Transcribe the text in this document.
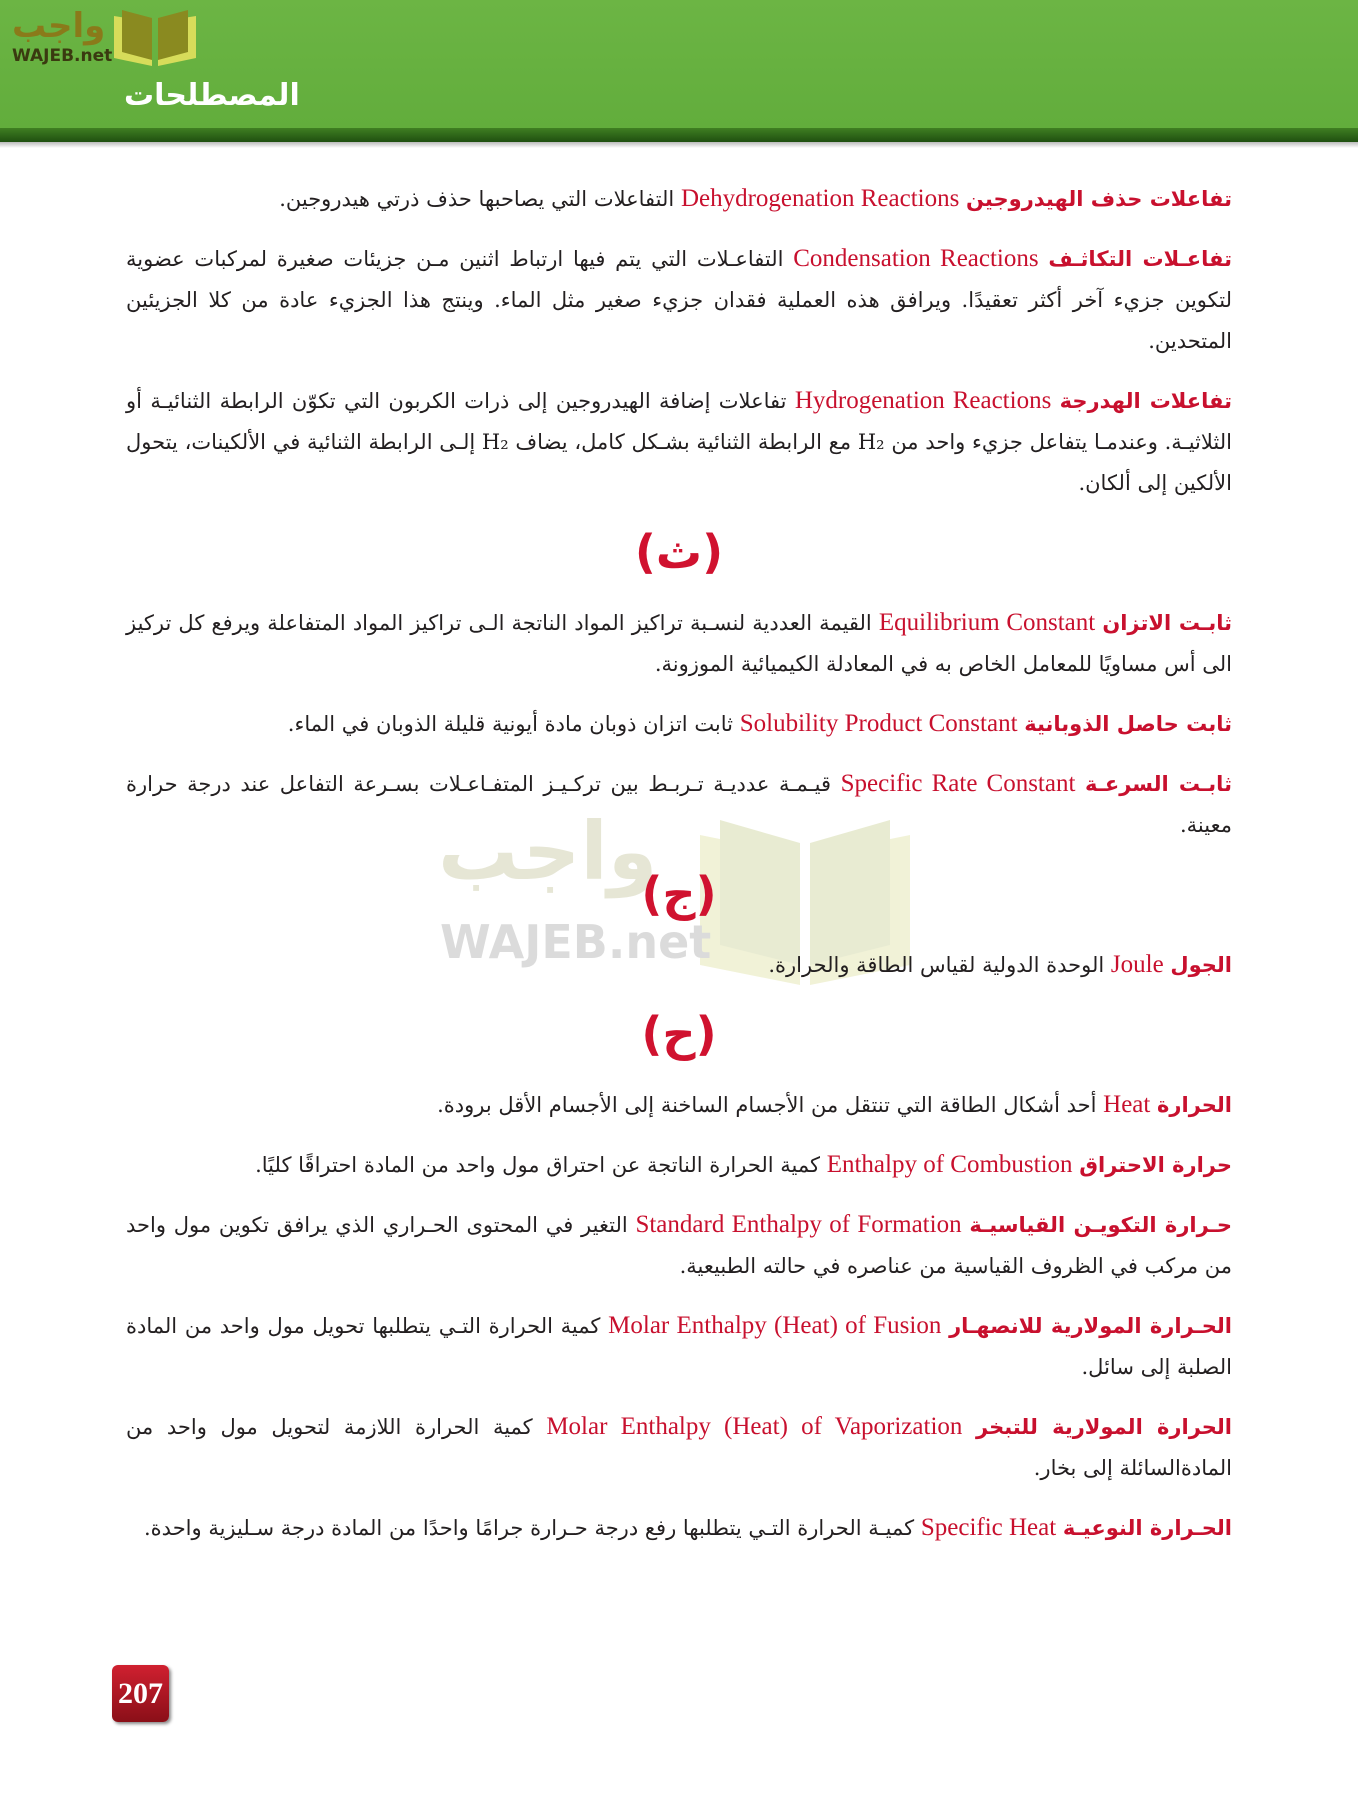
واجب
WAJEB.net
المصطلحات
واجب
WAJEB.net
تفاعلات حذف الهيدروجين Dehydrogenation Reactions التفاعلات التي يصاحبها حذف ذرتي هيدروجين.
تفاعـلات التكاثـف Condensation Reactions التفاعـلات التي يتم فيها ارتباط اثنين مـن جزيئات صغيرة لمركبات عضوية لتكوين جزيء آخر أكثر تعقيدًا. ويرافق هذه العملية فقدان جزيء صغير مثل الماء. وينتج هذا الجزيء عادة من كلا الجزيئين المتحدين.
تفاعلات الهدرجة Hydrogenation Reactions تفاعلات إضافة الهيدروجين إلى ذرات الكربون التي تكوّن الرابطة الثنائيـة أو الثلاثيـة. وعندمـا يتفاعل جزيء واحد من H₂ مع الرابطة الثنائية بشـكل كامل، يضاف H₂ إلـى الرابطة الثنائية في الألكينات، يتحول الألكين إلى ألكان.
(ث)
ثابـت الاتزان Equilibrium Constant القيمة العددية لنسـبة تراكيز المواد الناتجة الـى تراكيز المواد المتفاعلة ويرفع كل تركيز الى أس مساويًا للمعامل الخاص به في المعادلة الكيميائية الموزونة.
ثابت حاصل الذوبانية Solubility Product Constant ثابت اتزان ذوبان مادة أيونية قليلة الذوبان في الماء.
ثابـت السرعـة Specific Rate Constant قيـمـة عدديـة تـربـط بين تركـيـز المتفـاعـلات بسـرعة التفاعل عند درجة حرارة معينة.
(ج)
الجول Joule الوحدة الدولية لقياس الطاقة والحرارة.
(ح)
الحرارة Heat أحد أشكال الطاقة التي تنتقل من الأجسام الساخنة إلى الأجسام الأقل برودة.
حرارة الاحتراق Enthalpy of Combustion كمية الحرارة الناتجة عن احتراق مول واحد من المادة احتراقًا كليًا.
حـرارة التكويـن القياسيـة Standard Enthalpy of Formation التغير في المحتوى الحـراري الذي يرافق تكوين مول واحد من مركب في الظروف القياسية من عناصره في حالته الطبيعية.
الحـرارة المولارية للانصهـار Molar Enthalpy (Heat) of Fusion كمية الحرارة التـي يتطلبها تحويل مول واحد من المادة الصلبة إلى سائل.
الحرارة المولارية للتبخر Molar Enthalpy (Heat) of Vaporization كمية الحرارة اللازمة لتحويل مول واحد من المادةالسائلة إلى بخار.
الحـرارة النوعيـة Specific Heat كميـة الحرارة التـي يتطلبها رفع درجة حـرارة جرامًا واحدًا من المادة درجة سـليزية واحدة.
207
